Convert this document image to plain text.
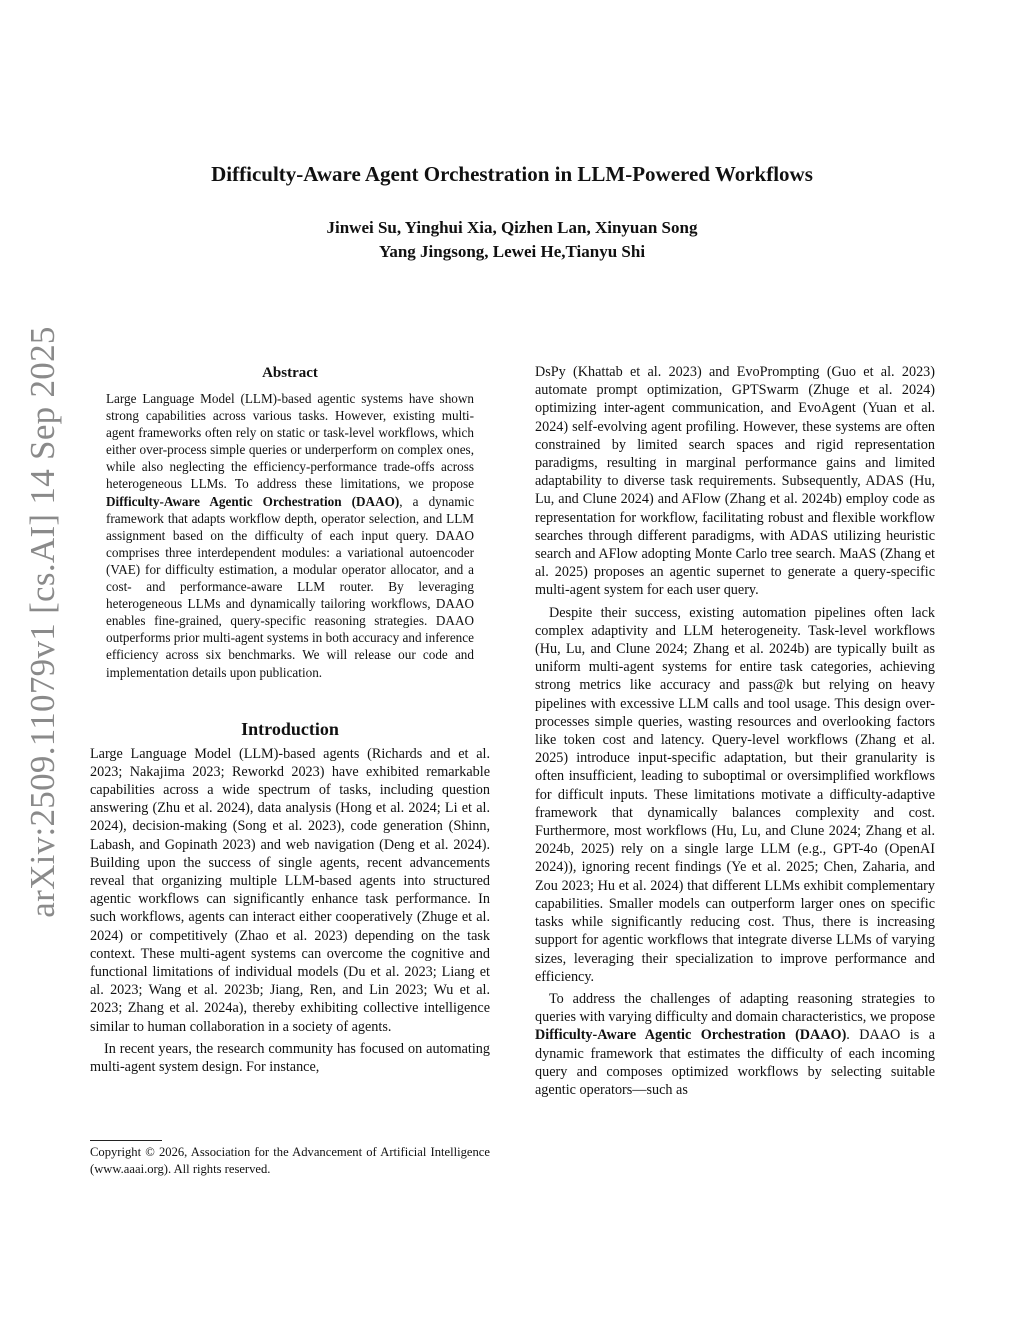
arXiv:2509.11079v1 [cs.AI] 14 Sep 2025
Difficulty-Aware Agent Orchestration in LLM-Powered Workflows
Jinwei Su, Yinghui Xia, Qizhen Lan, Xinyuan Song
Yang Jingsong, Lewei He,Tianyu Shi
Abstract
Large Language Model (LLM)-based agentic systems have shown strong capabilities across various tasks. However, existing multi-agent frameworks often rely on static or task-level workflows, which either over-process simple queries or underperform on complex ones, while also neglecting the efficiency-performance trade-offs across heterogeneous LLMs. To address these limitations, we propose Difficulty-Aware Agentic Orchestration (DAAO), a dynamic framework that adapts workflow depth, operator selection, and LLM assignment based on the difficulty of each input query. DAAO comprises three interdependent modules: a variational autoencoder (VAE) for difficulty estimation, a modular operator allocator, and a cost- and performance-aware LLM router. By leveraging heterogeneous LLMs and dynamically tailoring workflows, DAAO enables fine-grained, query-specific reasoning strategies. DAAO outperforms prior multi-agent systems in both accuracy and inference efficiency across six benchmarks. We will release our code and implementation details upon publication.
Introduction

Large Language Model (LLM)-based agents (Richards and et al. 2023; Nakajima 2023; Reworkd 2023) have exhibited remarkable capabilities across a wide spectrum of tasks, including question answering (Zhu et al. 2024), data analysis (Hong et al. 2024; Li et al. 2024), decision-making (Song et al. 2023), code generation (Shinn, Labash, and Gopinath 2023) and web navigation (Deng et al. 2024). Building upon the success of single agents, recent advancements reveal that organizing multiple LLM-based agents into structured agentic workflows can significantly enhance task performance. In such workflows, agents can interact either cooperatively (Zhuge et al. 2024) or competitively (Zhao et al. 2023) depending on the task context. These multi-agent systems can overcome the cognitive and functional limitations of individual models (Du et al. 2023; Liang et al. 2023; Wang et al. 2023b; Jiang, Ren, and Lin 2023; Wu et al. 2023; Zhang et al. 2024a), thereby exhibiting collective intelligence similar to human collaboration in a society of agents.

In recent years, the research community has focused on automating multi-agent system design. For instance,

Copyright © 2026, Association for the Advancement of Artificial Intelligence (www.aaai.org). All rights reserved.

DsPy (Khattab et al. 2023) and EvoPrompting (Guo et al. 2023) automate prompt optimization, GPTSwarm (Zhuge et al. 2024) optimizing inter-agent communication, and EvoAgent (Yuan et al. 2024) self-evolving agent profiling. However, these systems are often constrained by limited search spaces and rigid representation paradigms, resulting in marginal performance gains and limited adaptability to diverse task requirements. Subsequently, ADAS (Hu, Lu, and Clune 2024) and AFlow (Zhang et al. 2024b) employ code as representation for workflow, facilitating robust and flexible workflow searches through different paradigms, with ADAS utilizing heuristic search and AFlow adopting Monte Carlo tree search. MaAS (Zhang et al. 2025) proposes an agentic supernet to generate a query-specific multi-agent system for each user query.

Despite their success, existing automation pipelines often lack complex adaptivity and LLM heterogeneity. Task-level workflows (Hu, Lu, and Clune 2024; Zhang et al. 2024b) are typically built as uniform multi-agent systems for entire task categories, achieving strong metrics like accuracy and pass@k but relying on heavy pipelines with excessive LLM calls and tool usage. This design over-processes simple queries, wasting resources and overlooking factors like token cost and latency. Query-level workflows (Zhang et al. 2025) introduce input-specific adaptation, but their granularity is often insufficient, leading to suboptimal or oversimplified workflows for difficult inputs. These limitations motivate a difficulty-adaptive framework that dynamically balances complexity and cost. Furthermore, most workflows (Hu, Lu, and Clune 2024; Zhang et al. 2024b, 2025) rely on a single large LLM (e.g., GPT-4o (OpenAI 2024)), ignoring recent findings (Ye et al. 2025; Chen, Zaharia, and Zou 2023; Hu et al. 2024) that different LLMs exhibit complementary capabilities. Smaller models can outperform larger ones on specific tasks while significantly reducing cost. Thus, there is increasing support for agentic workflows that integrate diverse LLMs of varying sizes, leveraging their specialization to improve performance and efficiency.

To address the challenges of adapting reasoning strategies to queries with varying difficulty and domain characteristics, we propose Difficulty-Aware Agentic Orchestration (DAAO). DAAO is a dynamic framework that estimates the difficulty of each incoming query and composes optimized workflows by selecting suitable agentic operators—such as
